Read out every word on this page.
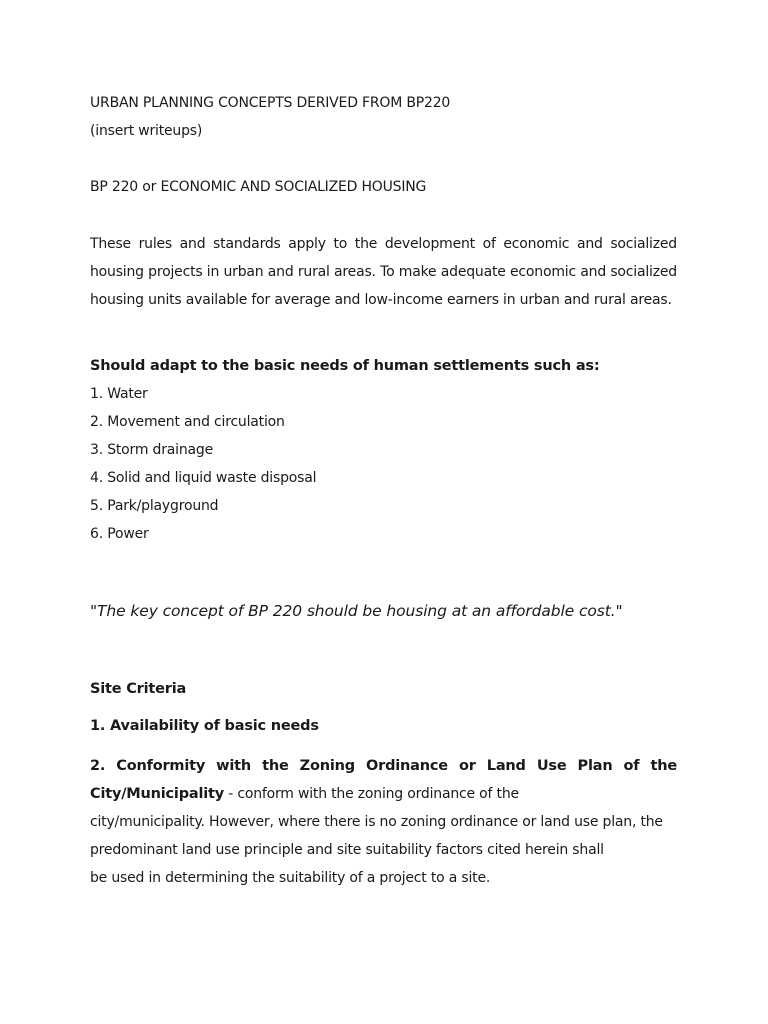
URBAN PLANNING CONCEPTS DERIVED FROM BP220
(insert writeups)
BP 220 or ECONOMIC AND SOCIALIZED HOUSING
These rules and standards apply to the development of economic and socialized
housing projects in urban and rural areas. To make adequate economic and socialized
housing units available for average and low-income earners in urban and rural areas.
Should adapt to the basic needs of human settlements such as:
1. Water
2. Movement and circulation
3. Storm drainage
4. Solid and liquid waste disposal
5. Park/playground
6. Power
"The key concept of BP 220 should be housing at an affordable cost."
Site Criteria
1. Availability of basic needs
2. Conformity with the Zoning Ordinance or Land Use Plan of the
City/Municipality - conform with the zoning ordinance of the
city/municipality. However, where there is no zoning ordinance or land use plan, the
predominant land use principle and site suitability factors cited herein shall
be used in determining the suitability of a project to a site.
